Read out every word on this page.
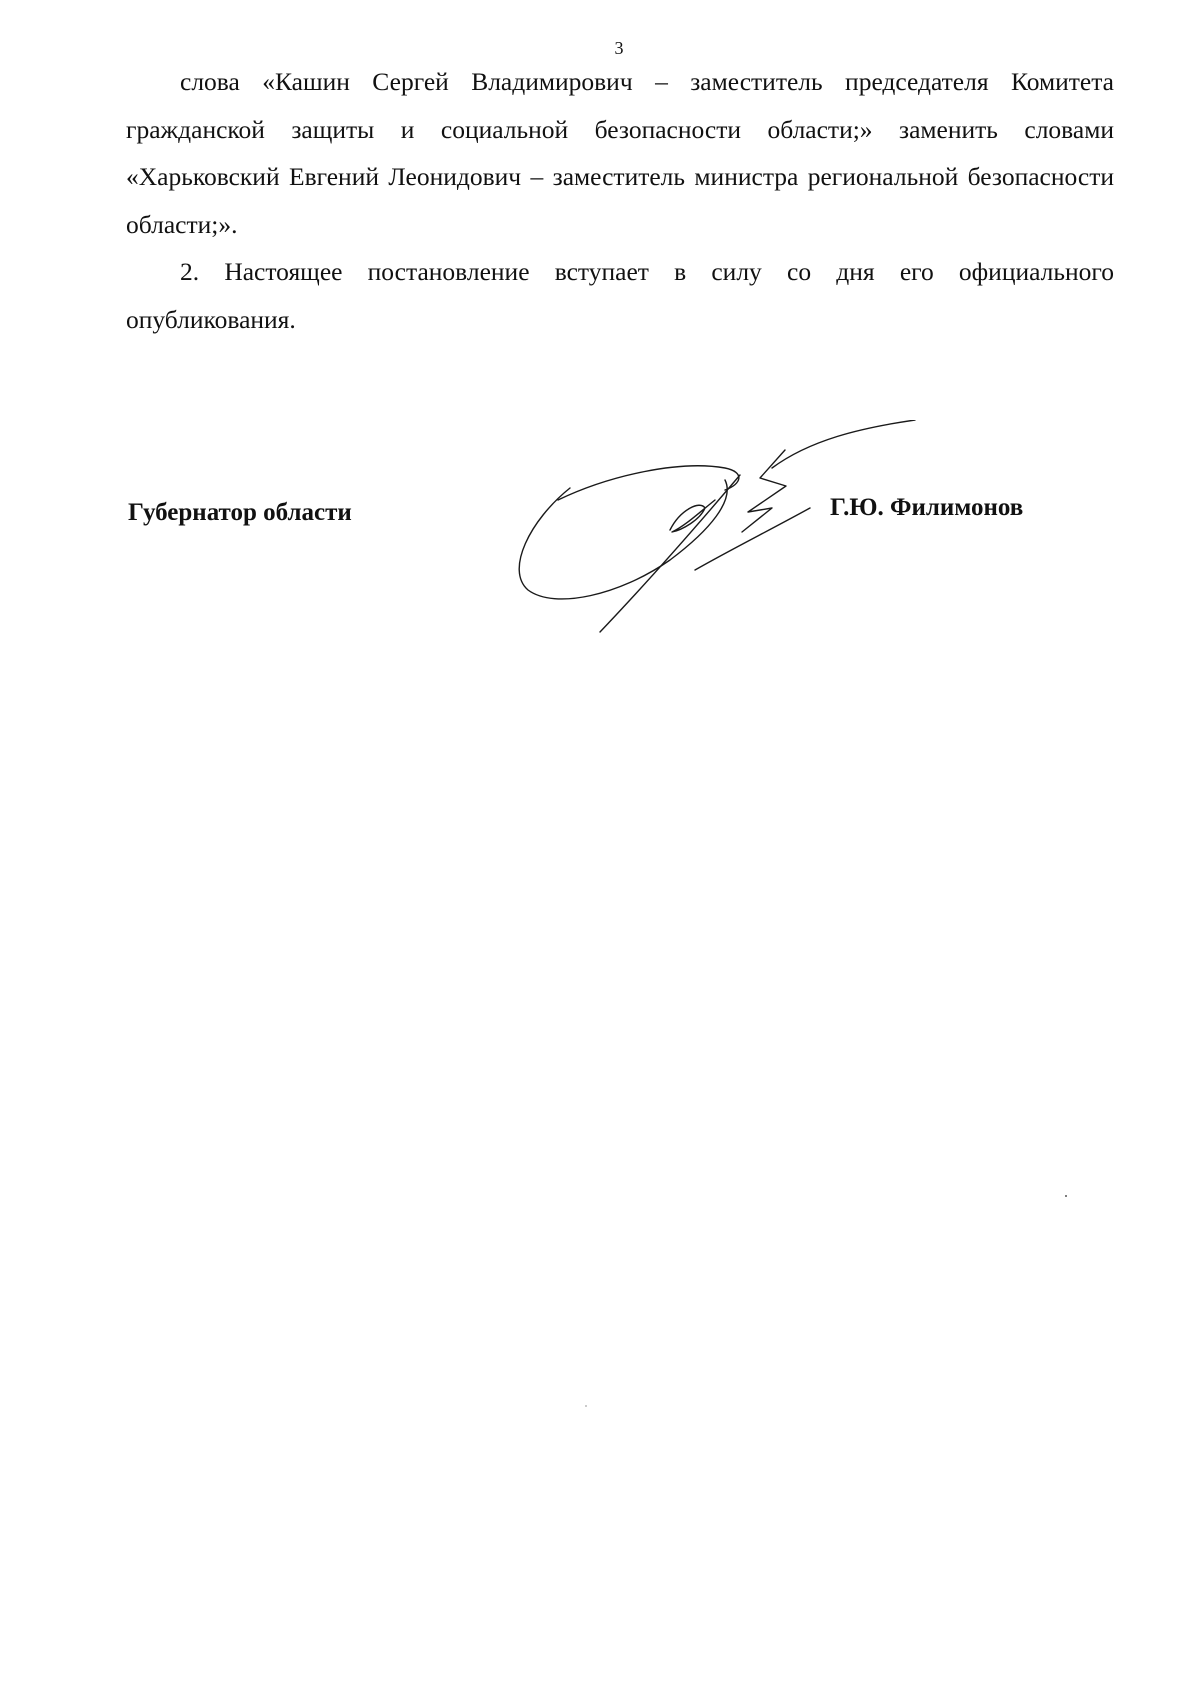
3

слова «Кашин Сергей Владимирович – заместитель председателя Комитета гражданской защиты и социальной безопасности области;» заменить словами «Харьковский Евгений Леонидович – заместитель министра региональной безопасности области;».

2. Настоящее постановление вступает в силу со дня его официального опубликования.

Губернатор области	Г.Ю. Филимонов
